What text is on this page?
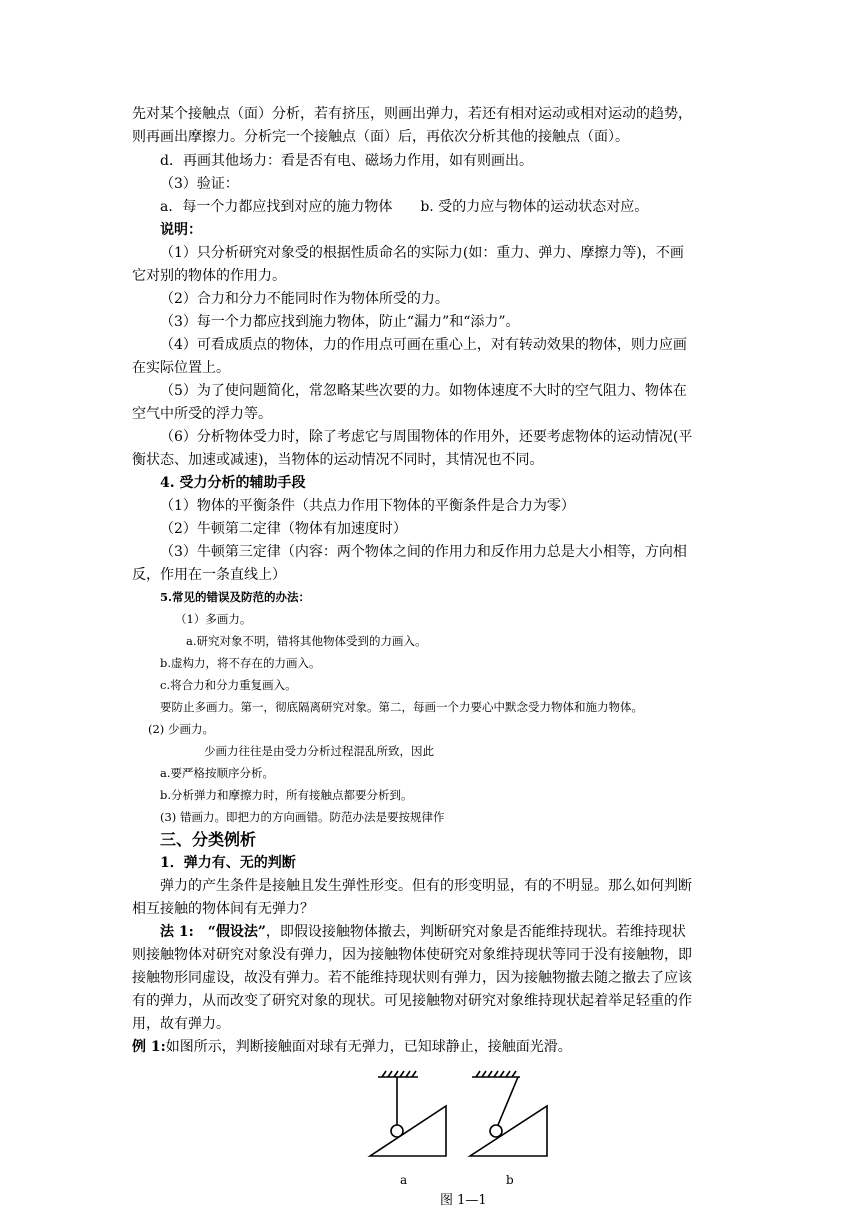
先对某个接触点（面）分析，若有挤压，则画出弹力，若还有相对运动或相对运动的趋势，
则再画出摩擦力。分析完一个接触点（面）后，再依次分析其他的接触点（面）。
d．再画其他场力：看是否有电、磁场力作用，如有则画出。
（3）验证：
a．每一个力都应找到对应的施力物体　　b. 受的力应与物体的运动状态对应。
说明：
（1）只分析研究对象受的根据性质命名的实际力(如：重力、弹力、摩擦力等)，不画
它对别的物体的作用力。
（2）合力和分力不能同时作为物体所受的力。
（3）每一个力都应找到施力物体，防止“漏力”和“添力”。
（4）可看成质点的物体，力的作用点可画在重心上，对有转动效果的物体，则力应画
在实际位置上。
（5）为了使问题简化，常忽略某些次要的力。如物体速度不大时的空气阻力、物体在
空气中所受的浮力等。
（6）分析物体受力时，除了考虑它与周围物体的作用外，还要考虑物体的运动情况(平
衡状态、加速或减速)，当物体的运动情况不同时，其情况也不同。
4. 受力分析的辅助手段
（1）物体的平衡条件（共点力作用下物体的平衡条件是合力为零）
（2）牛顿第二定律（物体有加速度时）
（3）牛顿第三定律（内容：两个物体之间的作用力和反作用力总是大小相等，方向相
反，作用在一条直线上）
5.常见的错误及防范的办法：
（1）多画力。
a.研究对象不明，错将其他物体受到的力画入。
b.虚构力，将不存在的力画入。
c.将合力和分力重复画入。
要防止多画力。第一，彻底隔离研究对象。第二，每画一个力要心中默念受力物体和施力物体。
(2) 少画力。
少画力往往是由受力分析过程混乱所致，因此
a.要严格按顺序分析。
b.分析弹力和摩擦力时，所有接触点都要分析到。
(3) 错画力。即把力的方向画错。防范办法是要按规律作
三、分类例析
1．弹力有、无的判断
弹力的产生条件是接触且发生弹性形变。但有的形变明显，有的不明显。那么如何判断
相互接触的物体间有无弹力？
法 1: “假设法”，即假设接触物体撤去，判断研究对象是否能维持现状。若维持现状
则接触物体对研究对象没有弹力，因为接触物体使研究对象维持现状等同于没有接触物，即
接触物形同虚设，故没有弹力。若不能维持现状则有弹力，因为接触物撤去随之撤去了应该
有的弹力，从而改变了研究对象的现状。可见接触物对研究对象维持现状起着举足轻重的作
用，故有弹力。
例 1:如图所示，判断接触面对球有无弹力，已知球静止，接触面光滑。
a	b
图 1—1
